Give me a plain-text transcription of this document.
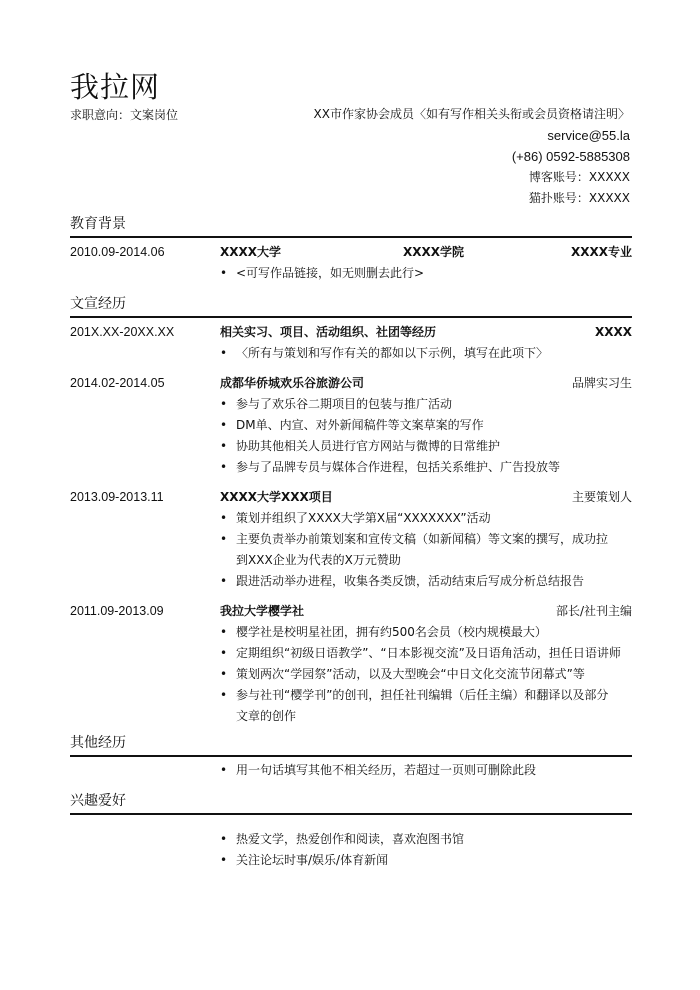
我拉网
求职意向：文案岗位	XX市作家协会成员〈如有写作相关头衔或会员资格请注明〉
service@55.la
(+86) 0592-5885308
博客账号：XXXXX
猫扑账号：XXXXX
教育背景
2010.09-2014.06	XXXX大学	XXXX学院	XXXX专业
• <可写作品链接，如无则删去此行>
文宣经历
201X.XX-20XX.XX	相关实习、项目、活动组织、社团等经历	XXXX
• 〈所有与策划和写作有关的都如以下示例，填写在此项下〉
2014.02-2014.05	成都华侨城欢乐谷旅游公司	品牌实习生
• 参与了欢乐谷二期项目的包装与推广活动
• DM单、内宣、对外新闻稿件等文案草案的写作
• 协助其他相关人员进行官方网站与微博的日常维护
• 参与了品牌专员与媒体合作进程，包括关系维护、广告投放等
2013.09-2013.11	XXXX大学XXX项目	主要策划人
• 策划并组织了XXXX大学第X届“XXXXXXX”活动
• 主要负责举办前策划案和宣传文稿（如新闻稿）等文案的撰写，成功拉
到XXX企业为代表的X万元赞助
• 跟进活动举办进程，收集各类反馈，活动结束后写成分析总结报告
2011.09-2013.09	我拉大学樱学社	部长/社刊主编
• 樱学社是校明星社团，拥有约500名会员（校内规模最大）
• 定期组织“初级日语教学”、“日本影视交流”及日语角活动，担任日语讲师
• 策划两次“学园祭”活动，以及大型晚会“中日文化交流节闭幕式”等
• 参与社刊“樱学刊”的创刊，担任社刊编辑（后任主编）和翻译以及部分
文章的创作
其他经历
• 用一句话填写其他不相关经历，若超过一页则可删除此段
兴趣爱好
• 热爱文学，热爱创作和阅读，喜欢泡图书馆
• 关注论坛时事/娱乐/体育新闻
